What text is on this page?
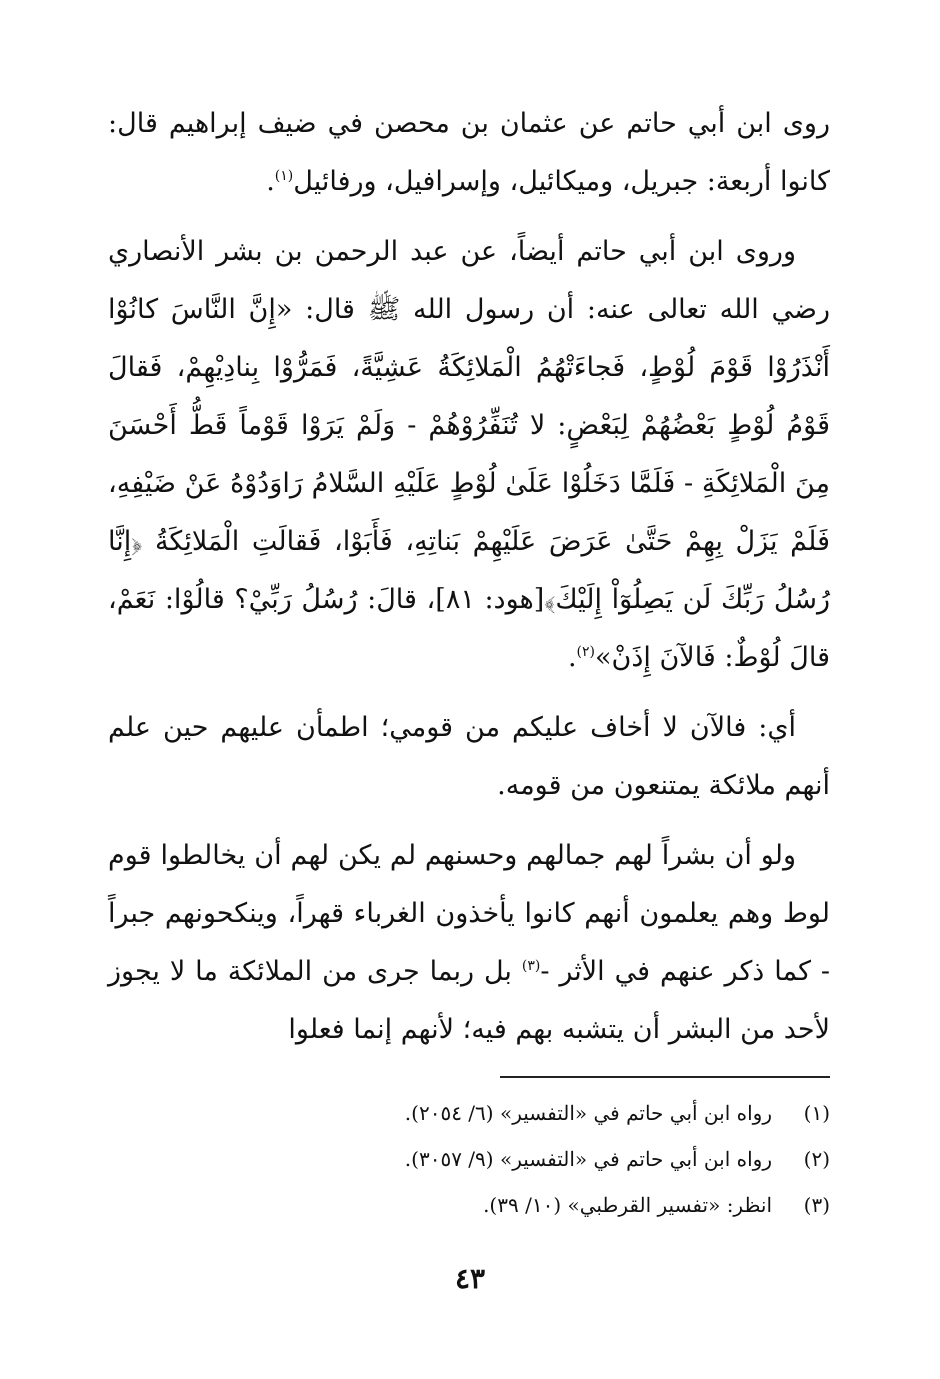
روى ابن أبي حاتم عن عثمان بن محصن في ضيف إبراهيم قال: كانوا أربعة: جبريل، وميكائيل، وإسرافيل، ورفائيل$^{(١)}$.

وروى ابن أبي حاتم أيضاً، عن عبد الرحمن بن بشر الأنصاري رضي الله تعالى عنه: أن رسول الله ﷺ قال: «إِنَّ النَّاسَ كانُوْا أَنْذَرُوْا قَوْمَ لُوْطٍ، فَجاءَتْهُمُ الْمَلائِكَةُ عَشِيَّةً، فَمَرُّوْا بِنادِيْهِمْ، فَقالَ قَوْمُ لُوْطٍ بَعْضُهُمْ لِبَعْضٍ: لا تُنَفِّرُوْهُمْ - وَلَمْ يَرَوْا قَوْماً قَطُّ أَحْسَنَ مِنَ الْمَلائِكَةِ - فَلَمَّا دَخَلُوْا عَلَىٰ لُوْطٍ عَلَيْهِ السَّلامُ رَاوَدُوْهُ عَنْ ضَيْفِهِ، فَلَمْ يَزَلْ بِهِمْ حَتَّىٰ عَرَضَ عَلَيْهِمْ بَناتِهِ، فَأَبَوْا، فَقالَتِ الْمَلائِكَةُ ﴿إِنَّا رُسُلُ رَبِّكَ لَن يَصِلُوٓاْ إِلَيْكَ﴾[هود: ٨١]، قالَ: رُسُلُ رَبِّيْ؟ قالُوْا: نَعَمْ، قالَ لُوْطٌ: فَالآنَ إِذَنْ»$^{(٢)}$.

أي: فالآن لا أخاف عليكم من قومي؛ اطمأن عليهم حين علم أنهم ملائكة يمتنعون من قومه.

ولو أن بشراً لهم جمالهم وحسنهم لم يكن لهم أن يخالطوا قوم لوط وهم يعلمون أنهم كانوا يأخذون الغرباء قهراً، وينكحونهم جبراً - كما ذكر عنهم في الأثر -$^{(٣)}$ بل ربما جرى من الملائكة ما لا يجوز لأحد من البشر أن يتشبه بهم فيه؛ لأنهم إنما فعلوا

(١)
رواه ابن أبي حاتم في «التفسير» (٦/ ٢٠٥٤).

(٢)
رواه ابن أبي حاتم في «التفسير» (٩/ ٣٠٥٧).

(٣)
انظر: «تفسير القرطبي» (١٠/ ٣٩).

٤٣
